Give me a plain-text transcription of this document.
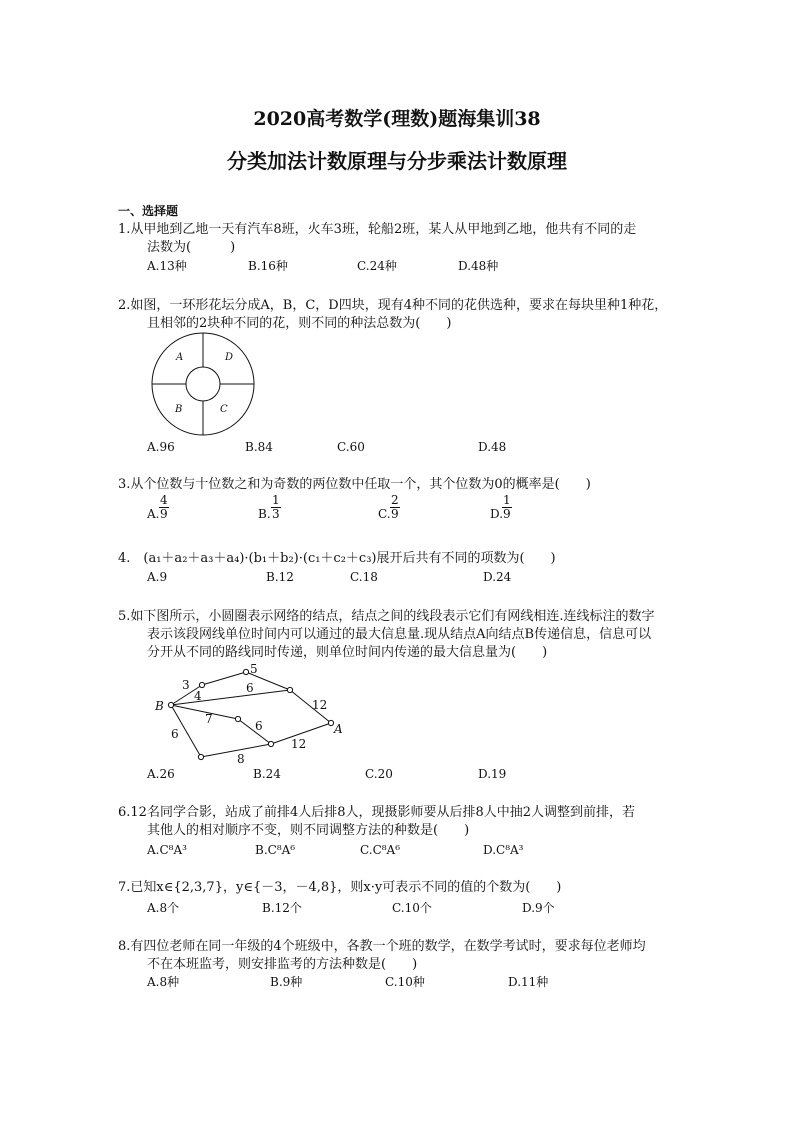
2020高考数学(理数)题海集训38
分类加法计数原理与分步乘法计数原理
一、选择题
1.从甲地到乙地一天有汽车8班，火车3班，轮船2班，某人从甲地到乙地，他共有不同的走
法数为(　　　)
A.13种	B.16种	C.24种	D.48种
2.如图，一环形花坛分成A，B，C，D四块，现有4种不同的花供选种，要求在每块里种1种花，
且相邻的2块种不同的花，则不同的种法总数为(　　)
A	D
B	C
A.96	B.84	C.60	D.48
3.从个位数与十位数之和为奇数的两位数中任取一个，其个位数为0的概率是(　　)
A. $\frac{4}{9}$	B. $\frac{1}{3}$	C. $\frac{2}{9}$	D.
$\frac{1}{9}$
4.　(a₁＋a₂＋a₃＋a₄)·(b₁＋b₂)·(c₁＋c₂＋c₃)展开后共有不同的项数为(　　)
A.9	B.12	C.18	D.24
5.如下图所示，小圆圈表示网络的结点，结点之间的线段表示它们有网线相连.连线标注的数字
表示该段网线单位时间内可以通过的最大信息量.现从结点A向结点B传递信息，信息可以
分开从不同的路线同时传递，则单位时间内传递的最大信息量为(　　)
B
A
3
5
4
6
12
7	6
6
12
8
A.26	B.24	C.20	D.19
6.12名同学合影，站成了前排4人后排8人，现摄影师要从后排8人中抽2人调整到前排，若
其他人的相对顺序不变，则不同调整方法的种数是(　　)
A.C⁸A³	B.C⁸A⁶	C.C⁸A⁶	D.C⁸A³
7.已知x∈{2,3,7}，y∈{－3，－4,8}，则x·y可表示不同的值的个数为(　　)
A.8个	B.12个	C.10个	D.9个
8.有四位老师在同一年级的4个班级中，各教一个班的数学，在数学考试时，要求每位老师均
不在本班监考，则安排监考的方法种数是(　　)
A.8种	B.9种	C.10种	D.11种
